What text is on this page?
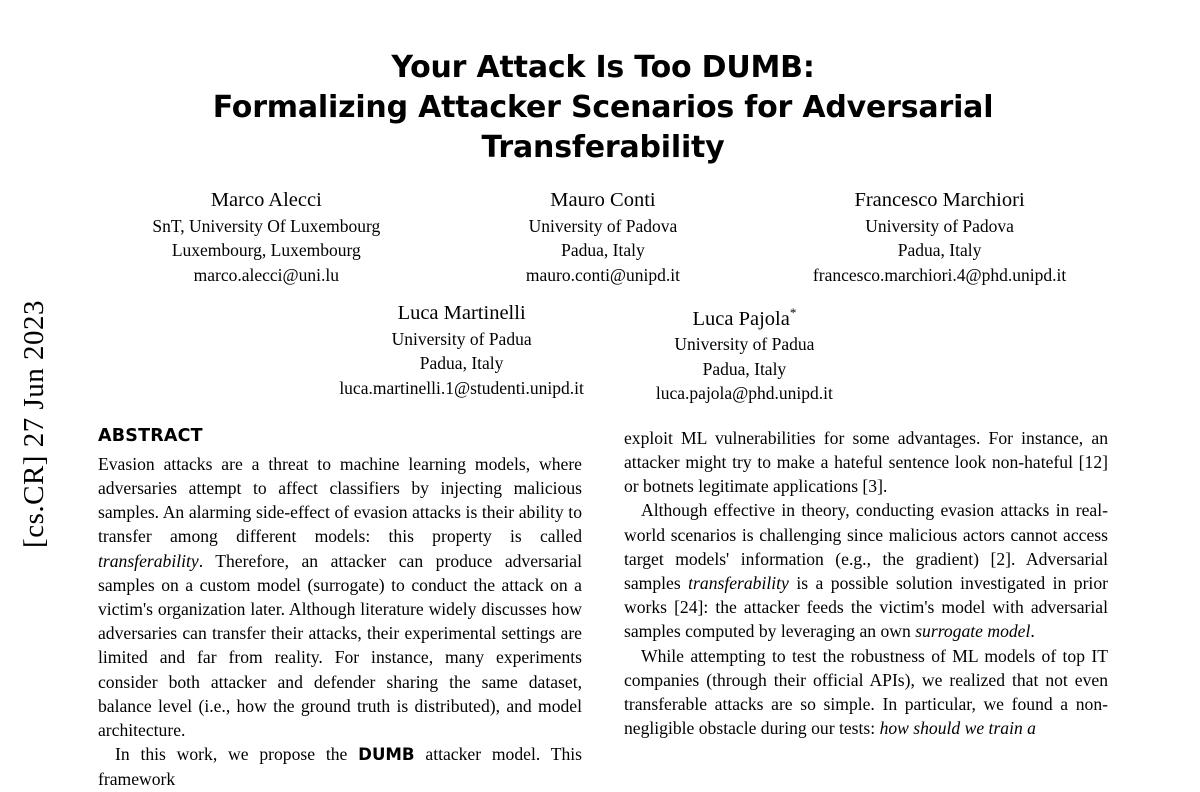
[cs.CR] 27 Jun 2023
Your Attack Is Too DUMB:
Formalizing Attacker Scenarios for Adversarial Transferability
Marco Alecci
SnT, University Of Luxembourg
Luxembourg, Luxembourg
marco.alecci@uni.lu
Mauro Conti
University of Padova
Padua, Italy
mauro.conti@unipd.it
Francesco Marchiori
University of Padova
Padua, Italy
francesco.marchiori.4@phd.unipd.it
Luca Martinelli
University of Padua
Padua, Italy
luca.martinelli.1@studenti.unipd.it
Luca Pajola*
University of Padua
Padua, Italy
luca.pajola@phd.unipd.it
ABSTRACT

Evasion attacks are a threat to machine learning models, where adversaries attempt to affect classifiers by injecting malicious samples. An alarming side-effect of evasion attacks is their ability to transfer among different models: this property is called transferability. Therefore, an attacker can produce adversarial samples on a custom model (surrogate) to conduct the attack on a victim's organization later. Although literature widely discusses how adversaries can transfer their attacks, their experimental settings are limited and far from reality. For instance, many experiments consider both attacker and defender sharing the same dataset, balance level (i.e., how the ground truth is distributed), and model architecture.

In this work, we propose the DUMB attacker model. This framework

exploit ML vulnerabilities for some advantages. For instance, an attacker might try to make a hateful sentence look non-hateful [12] or botnets legitimate applications [3].

Although effective in theory, conducting evasion attacks in real-world scenarios is challenging since malicious actors cannot access target models' information (e.g., the gradient) [2]. Adversarial samples transferability is a possible solution investigated in prior works [24]: the attacker feeds the victim's model with adversarial samples computed by leveraging an own surrogate model.

While attempting to test the robustness of ML models of top IT companies (through their official APIs), we realized that not even transferable attacks are so simple. In particular, we found a non-negligible obstacle during our tests: how should we train a
